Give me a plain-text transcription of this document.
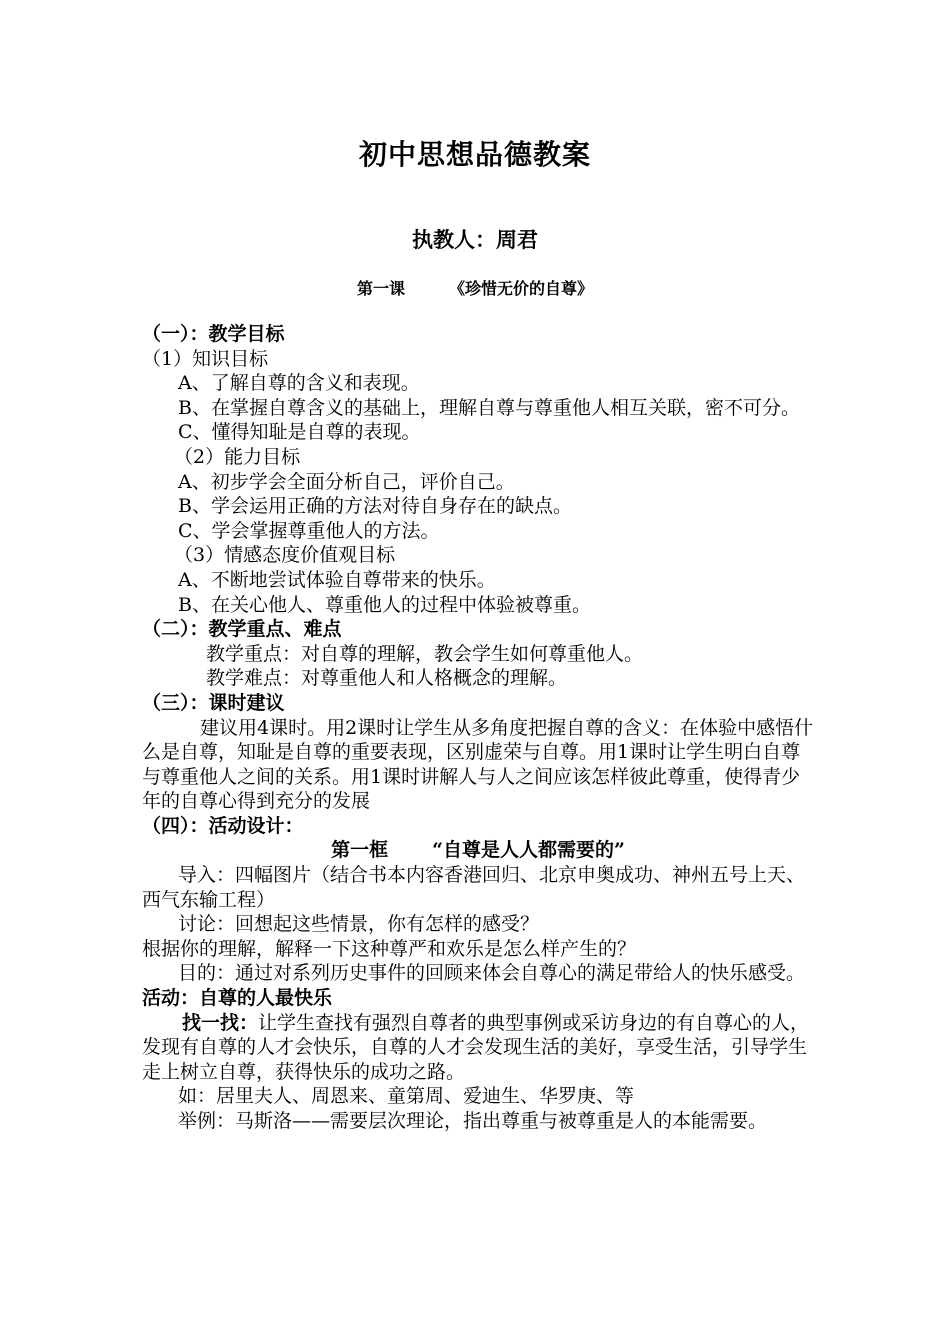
初中思想品德教案
执教人：周君
第一课	《珍惜无价的自尊》

（一）：教学目标

（1）知识目标

A、了解自尊的含义和表现。

B、在掌握自尊含义的基础上，理解自尊与尊重他人相互关联，密不可分。

C、懂得知耻是自尊的表现。

（2）能力目标

A、初步学会全面分析自己，评价自己。

B、学会运用正确的方法对待自身存在的缺点。

C、学会掌握尊重他人的方法。

（3）情感态度价值观目标

A、不断地尝试体验自尊带来的快乐。

B、在关心他人、尊重他人的过程中体验被尊重。

（二）：教学重点、难点

教学重点：对自尊的理解，教会学生如何尊重他人。

教学难点：对尊重他人和人格概念的理解。

（三）：课时建议

建议用4课时。用2课时让学生从多角度把握自尊的含义：在体验中感悟什么是自尊，知耻是自尊的重要表现，区别虚荣与自尊。用1课时让学生明白自尊与尊重他人之间的关系。用1课时讲解人与人之间应该怎样彼此尊重，使得青少年的自尊心得到充分的发展

（四）：活动设计：

第一框 “自尊是人人都需要的”

导入：四幅图片（结合书本内容香港回归、北京申奥成功、神州五号上天、西气东输工程）

讨论：回想起这些情景，你有怎样的感受？

根据你的理解，解释一下这种尊严和欢乐是怎么样产生的？

目的：通过对系列历史事件的回顾来体会自尊心的满足带给人的快乐感受。

活动：自尊的人最快乐

找一找：让学生查找有强烈自尊者的典型事例或采访身边的有自尊心的人，发现有自尊的人才会快乐，自尊的人才会发现生活的美好，享受生活，引导学生走上树立自尊，获得快乐的成功之路。

如：居里夫人、周恩来、童第周、爱迪生、华罗庚、等

举例：马斯洛——需要层次理论，指出尊重与被尊重是人的本能需要。
